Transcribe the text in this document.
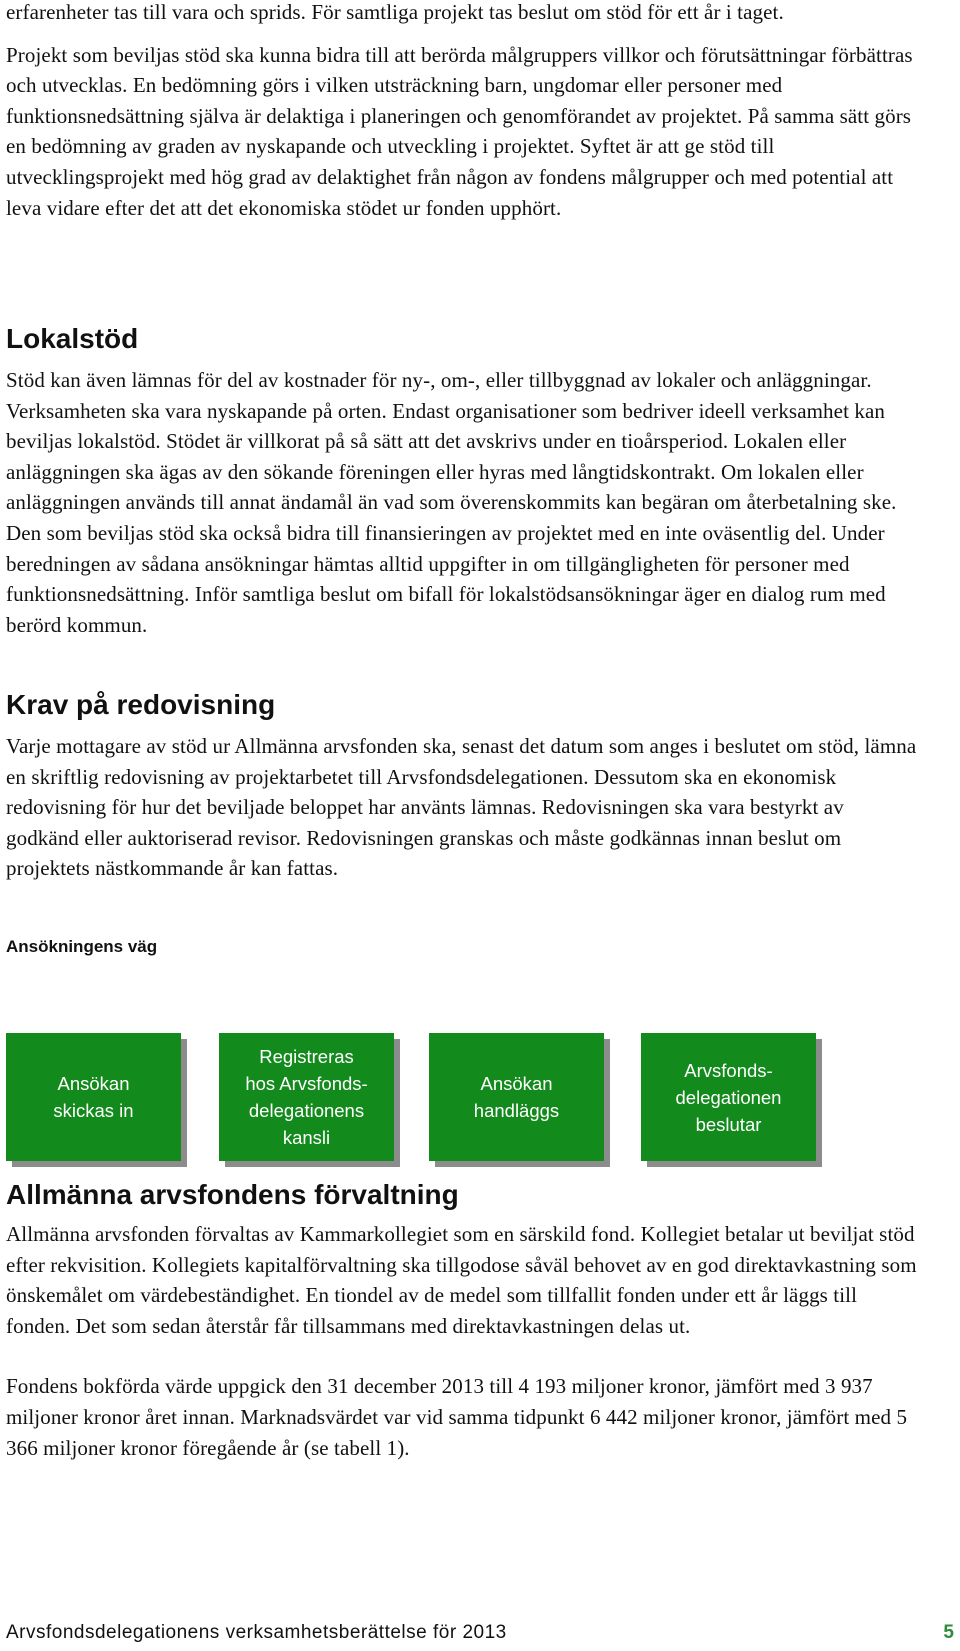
erfarenheter tas till vara och sprids. För samtliga projekt tas beslut om stöd för ett år i taget.

Projekt som beviljas stöd ska kunna bidra till att berörda målgruppers villkor och förutsättningar förbättras och utvecklas. En bedömning görs i vilken utsträckning barn, ungdomar eller personer med funktionsnedsättning själva är delaktiga i planeringen och genomförandet av projektet. På samma sätt görs en bedömning av graden av nyskapande och utveckling i projektet. Syftet är att ge stöd till utvecklingsprojekt med hög grad av delaktighet från någon av fondens målgrupper och med potential att leva vidare efter det att det ekonomiska stödet ur fonden upphört.

Lokalstöd

Stöd kan även lämnas för del av kostnader för ny-, om-, eller tillbyggnad av lokaler och anläggningar. Verksamheten ska vara nyskapande på orten. Endast organisationer som bedriver ideell verksamhet kan beviljas lokalstöd. Stödet är villkorat på så sätt att det avskrivs under en tioårsperiod. Lokalen eller anläggningen ska ägas av den sökande föreningen eller hyras med långtidskontrakt. Om lokalen eller anläggningen används till annat ändamål än vad som överenskommits kan begäran om återbetalning ske. Den som beviljas stöd ska också bidra till finansieringen av projektet med en inte oväsentlig del. Under beredningen av sådana ansökningar hämtas alltid uppgifter in om tillgängligheten för personer med funktionsnedsättning. Inför samtliga beslut om bifall för lokalstödsansökningar äger en dialog rum med berörd kommun.

Krav på redovisning

Varje mottagare av stöd ur Allmänna arvsfonden ska, senast det datum som anges i beslutet om stöd, lämna en skriftlig redovisning av projektarbetet till Arvsfondsdelegationen. Dessutom ska en ekonomisk redovisning för hur det beviljade beloppet har använts lämnas. Redovisningen ska vara bestyrkt av godkänd eller auktoriserad revisor. Redovisningen granskas och måste godkännas innan beslut om projektets nästkommande år kan fattas.

Ansökningens väg
Ansökan
skickas in
Registreras
hos Arvsfonds-
delegationens
kansli
Ansökan
handläggs
Arvsfonds-
delegationen
beslutar
Allmänna arvsfondens förvaltning

Allmänna arvsfonden förvaltas av Kammarkollegiet som en särskild fond. Kollegiet betalar ut beviljat stöd efter rekvisition. Kollegiets kapitalförvaltning ska tillgodose såväl behovet av en god direktavkastning som önskemålet om värdebeständighet. En tiondel av de medel som tillfallit fonden under ett år läggs till fonden. Det som sedan återstår får tillsammans med direktavkastningen delas ut.

Fondens bokförda värde uppgick den 31 december 2013 till 4 193 miljoner kronor, jämfört med 3 937 miljoner kronor året innan. Marknadsvärdet var vid samma tidpunkt 6 442 miljoner kronor, jämfört med 5 366 miljoner kronor föregående år (se tabell 1).

Arvsfondsdelegationens verksamhetsberättelse för 2013	5
